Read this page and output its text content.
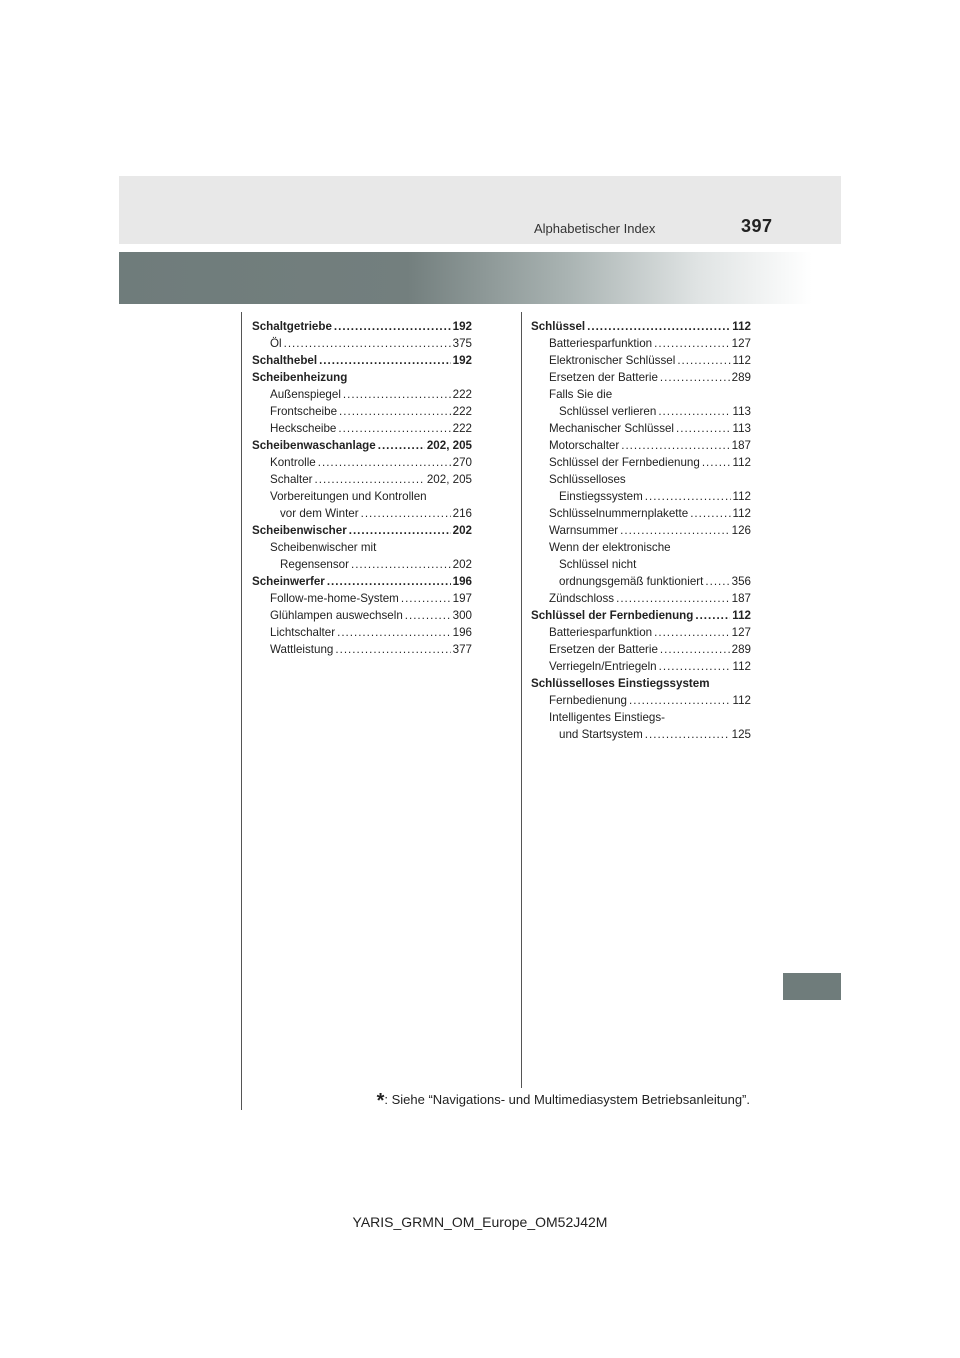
397
Alphabetischer Index
Schaltgetriebe .....	192
Öl .....	375
Schalthebel .....	192
Scheibenheizung
Außenspiegel .....	222
Frontscheibe .....	222
Heckscheibe .....	222
Scheibenwaschanlage .....	202, 205
Kontrolle .....	270
Schalter .....	202, 205
Vorbereitungen und Kontrollen
vor dem Winter .....	216
Scheibenwischer .....	202
Scheibenwischer mit
Regensensor .....	202
Scheinwerfer .....	196
Follow-me-home-System .....	197
Glühlampen auswechseln .....	300
Lichtschalter .....	196
Wattleistung .....	377
Schlüssel .....	112
Batteriesparfunktion .....	127
Elektronischer Schlüssel .....	112
Ersetzen der Batterie .....	289
Falls Sie die
Schlüssel verlieren .....	113
Mechanischer Schlüssel .....	113
Motorschalter .....	187
Schlüssel der Fernbedienung .....	112
Schlüsselloses
Einstiegssystem .....	112
Schlüsselnummernplakette .....	112
Warnsummer .....	126
Wenn der elektronische
Schlüssel nicht
ordnungsgemäß funktioniert ..... 356
Zündschloss .....	187
Schlüssel der Fernbedienung .....	112
Batteriesparfunktion .....	127
Ersetzen der Batterie .....	289
Verriegeln/Entriegeln .....	112
Schlüsselloses Einstiegssystem
Fernbedienung .....	112
Intelligentes Einstiegs-
und Startsystem .....	125
*: Siehe “Navigations- und Multimediasystem Betriebsanleitung”.
YARIS_GRMN_OM_Europe_OM52J42M
